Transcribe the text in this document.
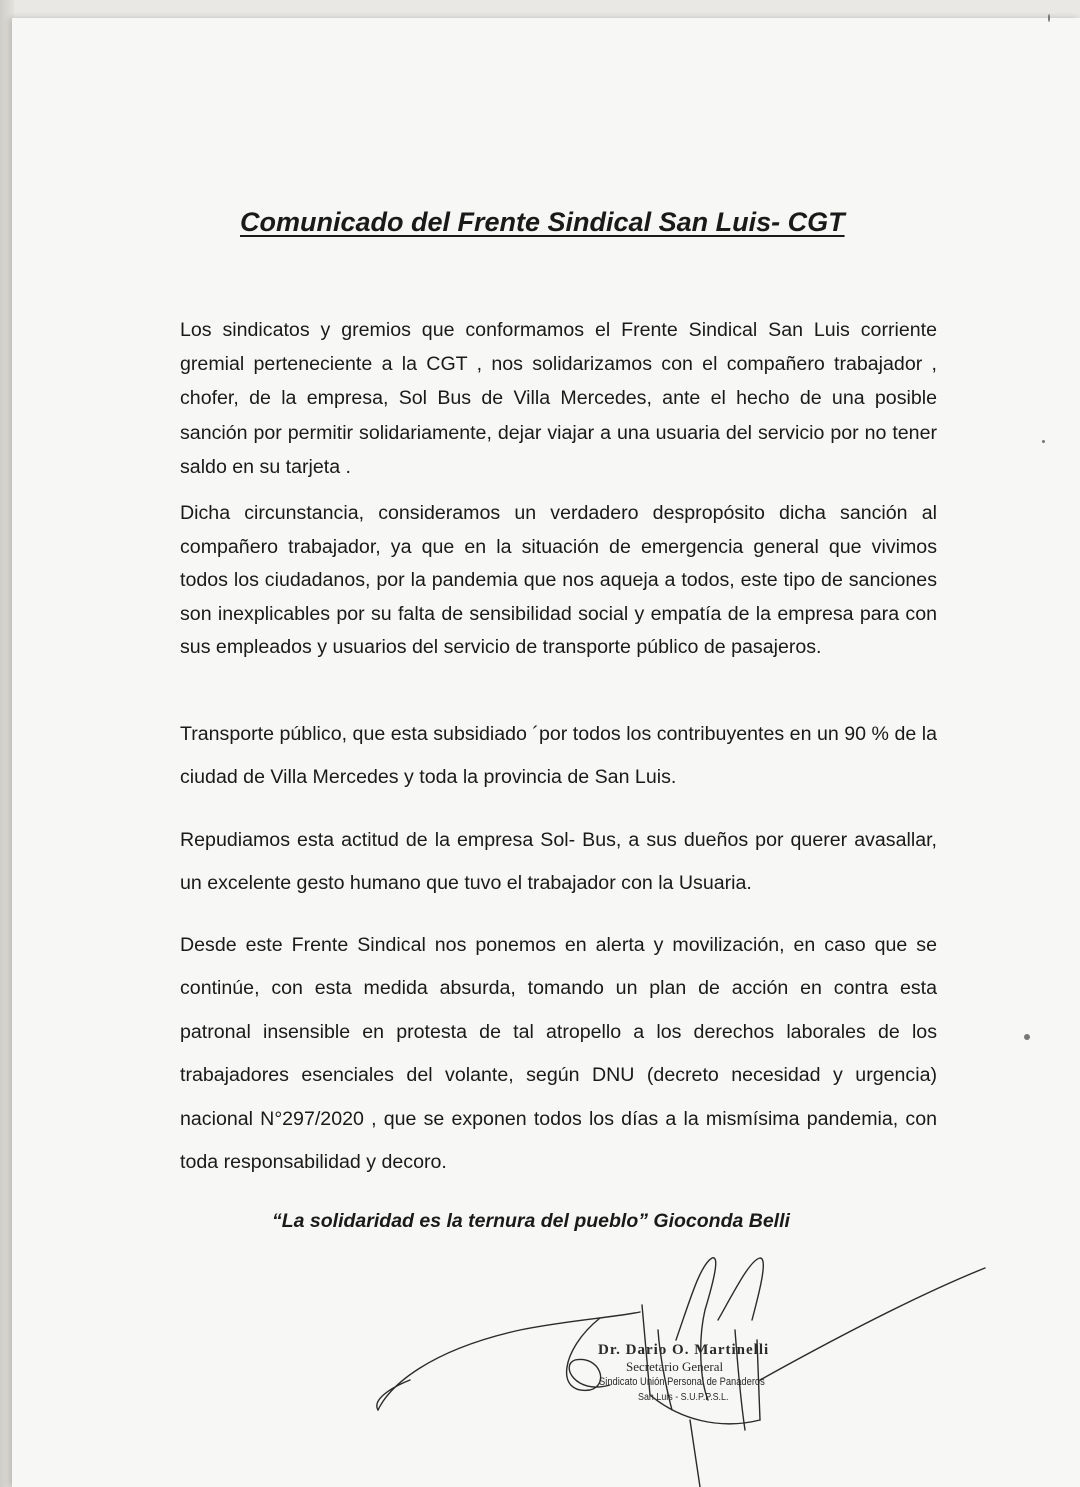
Comunicado del Frente Sindical San Luis- CGT

Los sindicatos y gremios que conformamos el Frente Sindical San Luis corriente gremial perteneciente a la CGT , nos solidarizamos con el compañero trabajador , chofer, de la empresa, Sol Bus de Villa Mercedes, ante el hecho de una posible sanción por permitir solidariamente, dejar viajar a una usuaria del servicio por no tener saldo en su tarjeta .

Dicha circunstancia, consideramos un verdadero despropósito dicha sanción al compañero trabajador, ya que en la situación de emergencia general que vivimos todos los ciudadanos, por la pandemia que nos aqueja a todos, este tipo de sanciones son inexplicables por su falta de sensibilidad social y empatía de la empresa para con sus empleados y usuarios del servicio de transporte público de pasajeros.

Transporte público, que esta subsidiado ´por todos los contribuyentes en un 90 % de la ciudad de Villa Mercedes y toda la provincia de San Luis.

Repudiamos esta actitud de la empresa Sol- Bus, a sus dueños por querer avasallar, un excelente gesto humano que tuvo el trabajador con la Usuaria.

Desde este Frente Sindical nos ponemos en alerta y movilización, en caso que se continúe, con esta medida absurda, tomando un plan de acción en contra esta patronal insensible en protesta de tal atropello a los derechos laborales de los trabajadores esenciales del volante, según DNU (decreto necesidad y urgencia) nacional N°297/2020 , que se exponen todos los días a la mismísima pandemia, con toda responsabilidad y decoro.

“La solidaridad es la ternura del pueblo” Gioconda Belli

Dr. Dario O. Martinelli
Secretario General
Sindicato Unión Personal de Panaderos
San Luis - S.U.P.P.S.L.
